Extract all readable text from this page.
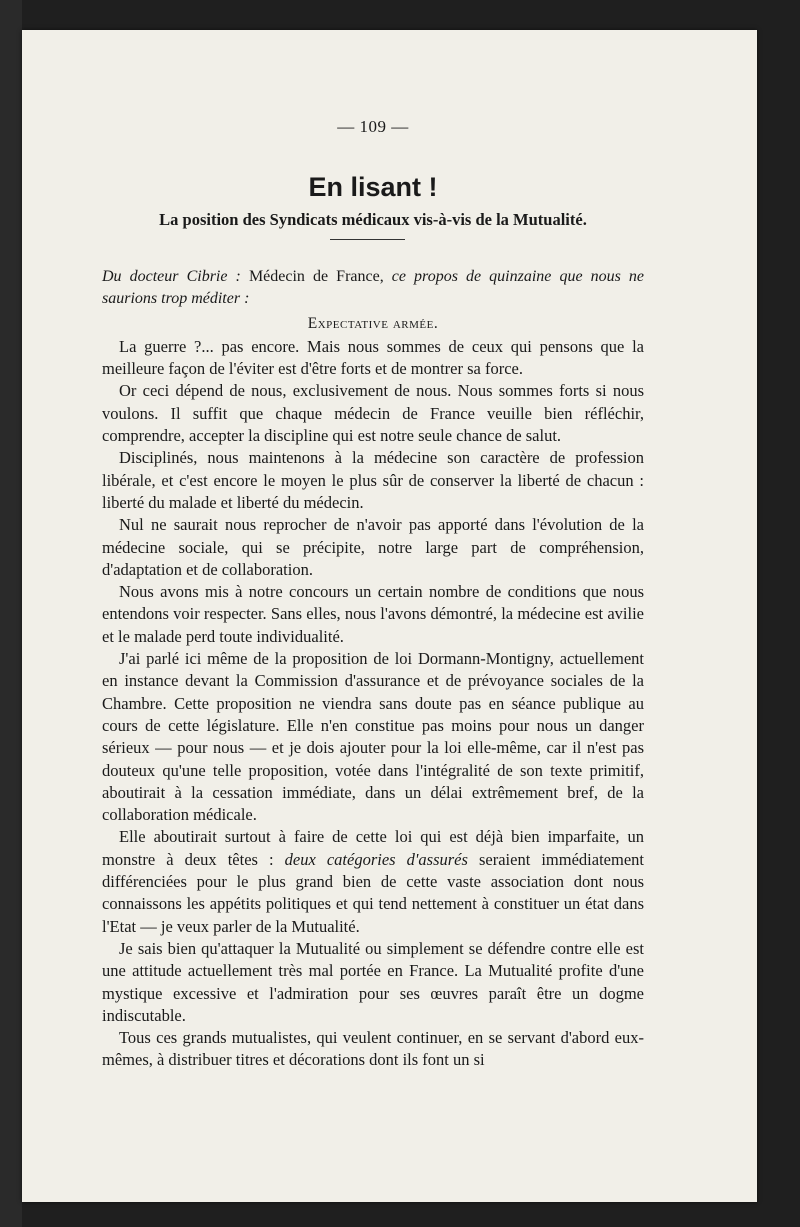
— 109 —
En lisant !
La position des Syndicats médicaux vis-à-vis de la Mutualité.

Du docteur Cibrie : Médecin de France, ce propos de quinzaine que nous ne saurions trop méditer :

Expectative armée.

La guerre ?... pas encore. Mais nous sommes de ceux qui pensons que la meilleure façon de l'éviter est d'être forts et de montrer sa force.

Or ceci dépend de nous, exclusivement de nous. Nous sommes forts si nous voulons. Il suffit que chaque médecin de France veuille bien réfléchir, comprendre, accepter la discipline qui est notre seule chance de salut.

Disciplinés, nous maintenons à la médecine son caractère de profession libérale, et c'est encore le moyen le plus sûr de conserver la liberté de chacun : liberté du malade et liberté du médecin.

Nul ne saurait nous reprocher de n'avoir pas apporté dans l'évolution de la médecine sociale, qui se précipite, notre large part de compréhension, d'adaptation et de collaboration.

Nous avons mis à notre concours un certain nombre de conditions que nous entendons voir respecter. Sans elles, nous l'avons démontré, la médecine est avilie et le malade perd toute individualité.

J'ai parlé ici même de la proposition de loi Dormann-Montigny, actuellement en instance devant la Commission d'assurance et de prévoyance sociales de la Chambre. Cette proposition ne viendra sans doute pas en séance publique au cours de cette législature. Elle n'en constitue pas moins pour nous un danger sérieux — pour nous — et je dois ajouter pour la loi elle-même, car il n'est pas douteux qu'une telle proposition, votée dans l'intégralité de son texte primitif, aboutirait à la cessation immédiate, dans un délai extrêmement bref, de la collaboration médicale.

Elle aboutirait surtout à faire de cette loi qui est déjà bien imparfaite, un monstre à deux têtes : deux catégories d'assurés seraient immédiatement différenciées pour le plus grand bien de cette vaste association dont nous connaissons les appétits politiques et qui tend nettement à constituer un état dans l'Etat — je veux parler de la Mutualité.

Je sais bien qu'attaquer la Mutualité ou simplement se défendre contre elle est une attitude actuellement très mal portée en France. La Mutualité profite d'une mystique excessive et l'admiration pour ses œuvres paraît être un dogme indiscutable.

Tous ces grands mutualistes, qui veulent continuer, en se servant d'abord eux-mêmes, à distribuer titres et décorations dont ils font un si
